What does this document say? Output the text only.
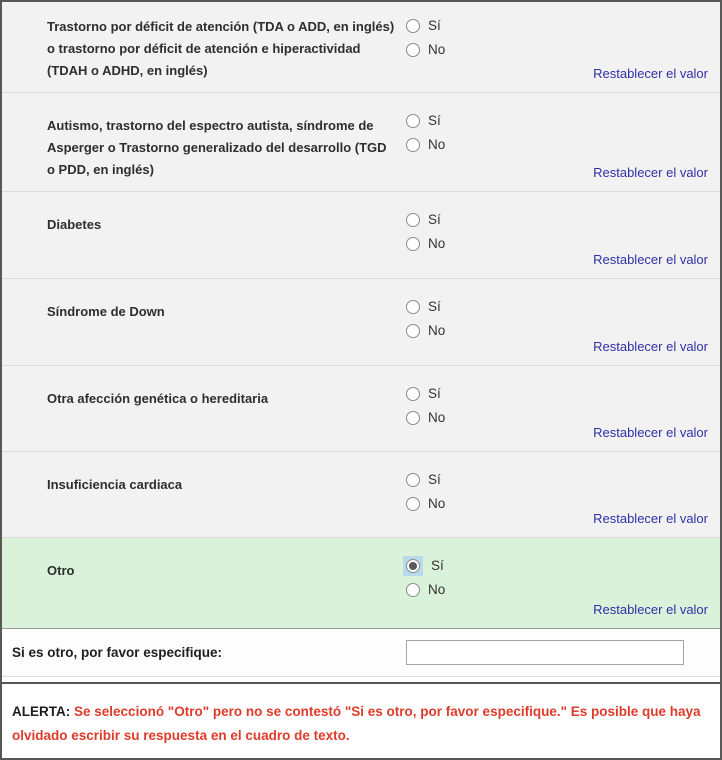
Trastorno por déficit de atención (TDA o ADD, en inglés) o trastorno por déficit de atención e hiperactividad (TDAH o ADHD, en inglés)
Sí
No
Restablecer el valor
Autismo, trastorno del espectro autista, síndrome de Asperger o Trastorno generalizado del desarrollo (TGD o PDD, en inglés)
Sí
No
Restablecer el valor
Diabetes	Sí
No
Restablecer el valor
Síndrome de Down	Sí
No
Restablecer el valor
Otra afección genética o hereditaria	Sí
No
Restablecer el valor
Insuficiencia cardiaca	Sí
No
Restablecer el valor
Otro	Sí
No
Restablecer el valor
Si es otro, por favor especifique:
ALERTA: Se seleccionó "Otro" pero no se contestó "Si es otro, por favor especifique." Es posible que haya olvidado escribir su respuesta en el cuadro de texto.
